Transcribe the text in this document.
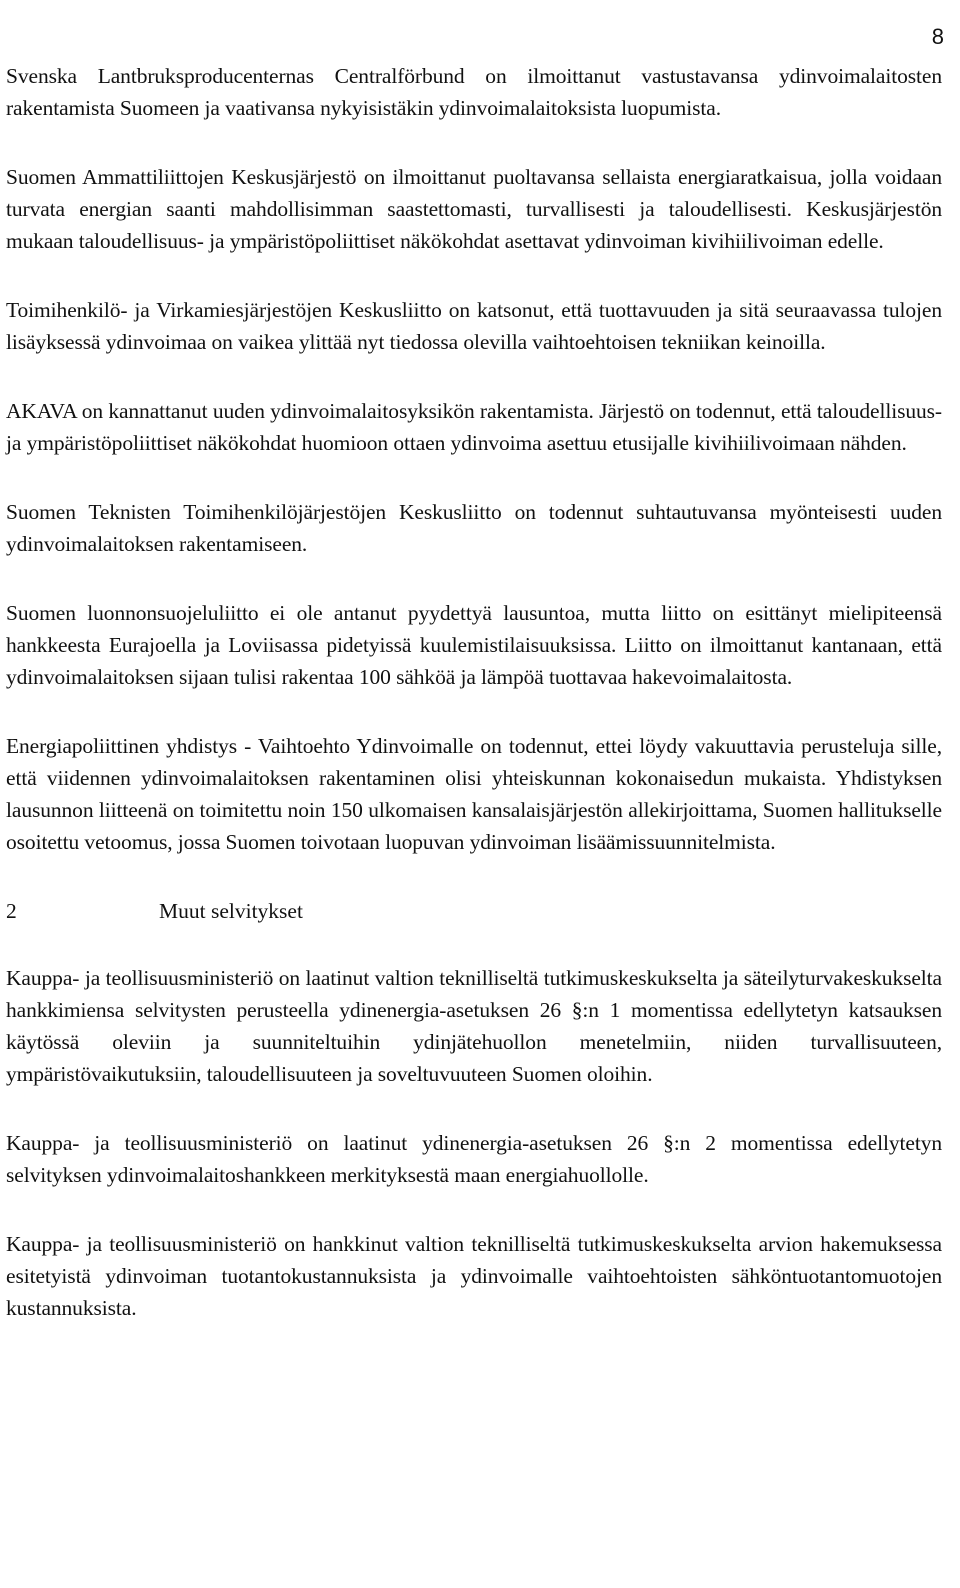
8

Svenska Lantbruksproducenternas Centralförbund on ilmoittanut vastustavansa ydinvoimalaitosten rakentamista Suomeen ja vaativansa nykyisistäkin ydinvoimalaitoksista luopumista.

Suomen Ammattiliittojen Keskusjärjestö on ilmoittanut puoltavansa sellaista energiaratkaisua, jolla voidaan turvata energian saanti mahdollisimman saastettomasti, turvallisesti ja taloudellisesti. Keskusjärjestön mukaan taloudellisuus- ja ympäristöpoliittiset näkökohdat asettavat ydinvoiman kivihiilivoiman edelle.

Toimihenkilö- ja Virkamiesjärjestöjen Keskusliitto on katsonut, että tuottavuuden ja sitä seuraavassa tulojen lisäyksessä ydinvoimaa on vaikea ylittää nyt tiedossa olevilla vaihtoehtoisen tekniikan keinoilla.

AKAVA on kannattanut uuden ydinvoimalaitosyksikön rakentamista. Järjestö on todennut, että taloudellisuus- ja ympäristöpoliittiset näkökohdat huomioon ottaen ydinvoima asettuu etusijalle kivihiilivoimaan nähden.

Suomen Teknisten Toimihenkilöjärjestöjen Keskusliitto on todennut suhtautuvansa myönteisesti uuden ydinvoimalaitoksen rakentamiseen.

Suomen luonnonsuojeluliitto ei ole antanut pyydettyä lausuntoa, mutta liitto on esittänyt mielipiteensä hankkeesta Eurajoella ja Loviisassa pidetyissä kuulemistilaisuuksissa. Liitto on ilmoittanut kantanaan, että ydinvoimalaitoksen sijaan tulisi rakentaa 100 sähköä ja lämpöä tuottavaa hakevoimalaitosta.

Energiapoliittinen yhdistys - Vaihtoehto Ydinvoimalle on todennut, ettei löydy vakuuttavia perusteluja sille, että viidennen ydinvoimalaitoksen rakentaminen olisi yhteiskunnan kokonaisedun mukaista. Yhdistyksen lausunnon liitteenä on toimitettu noin 150 ulkomaisen kansalaisjärjestön allekirjoittama, Suomen hallitukselle osoitettu vetoomus, jossa Suomen toivotaan luopuvan ydinvoiman lisäämissuunnitelmista.

2	Muut selvitykset

Kauppa- ja teollisuusministeriö on laatinut valtion teknilliseltä tutkimuskeskukselta ja säteilyturvakeskukselta hankkimiensa selvitysten perusteella ydinenergia-asetuksen 26 §:n 1 momentissa edellytetyn katsauksen käytössä oleviin ja suunniteltuihin ydinjätehuollon menetelmiin, niiden turvallisuuteen, ympäristövaikutuksiin, taloudellisuuteen ja soveltuvuuteen Suomen oloihin.

Kauppa- ja teollisuusministeriö on laatinut ydinenergia-asetuksen 26 §:n 2 momentissa edellytetyn selvityksen ydinvoimalaitoshankkeen merkityksestä maan energiahuollolle.

Kauppa- ja teollisuusministeriö on hankkinut valtion teknilliseltä tutkimuskeskukselta arvion hakemuksessa esitetyistä ydinvoiman tuotantokustannuksista ja ydinvoimalle vaihtoehtoisten sähköntuotantomuotojen kustannuksista.
